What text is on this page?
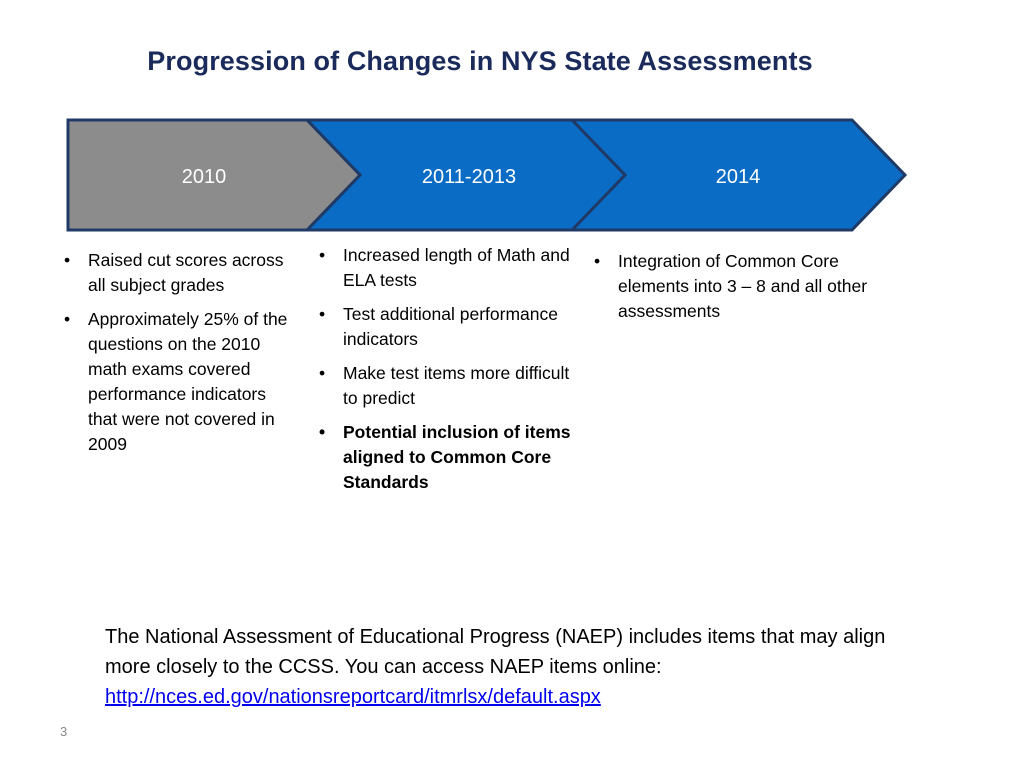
Progression of Changes in NYS State Assessments
2010	2011-2013	2014
• Raised cut scores across all subject grades
• Approximately 25% of the questions on the 2010 math exams covered performance indicators that were not covered in 2009
• Increased length of Math and ELA tests
• Test additional performance indicators
• Make test items more difficult to predict
• Potential inclusion of items aligned to Common Core Standards
• Integration of Common Core elements into 3 – 8 and all other assessments
The National Assessment of Educational Progress (NAEP) includes items that may align more closely to the CCSS. You can access NAEP items online:
http://nces.ed.gov/nationsreportcard/itmrlsx/default.aspx
3
